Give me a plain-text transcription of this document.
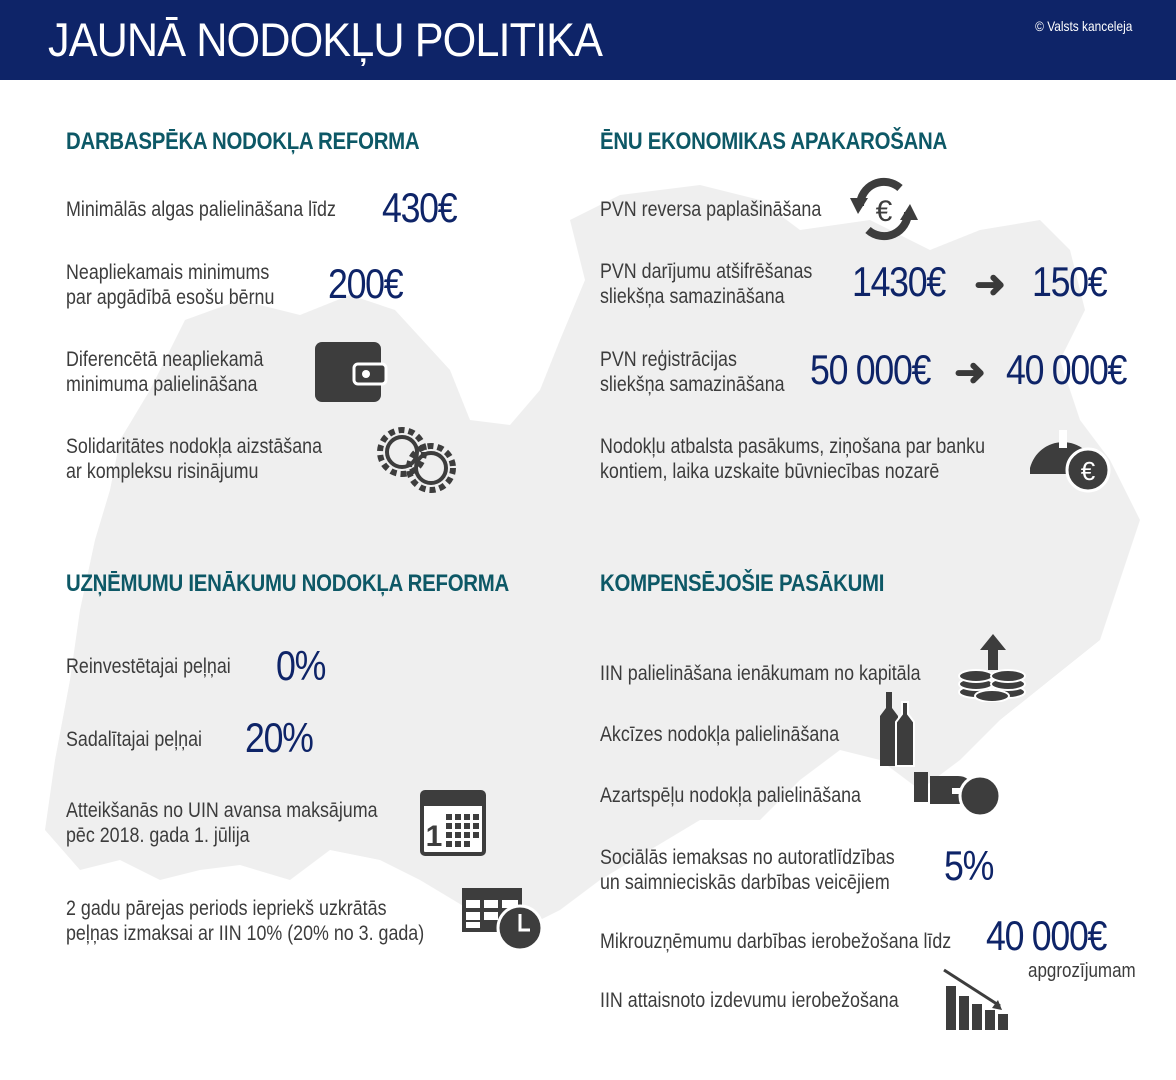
JAUNĀ NODOKĻU POLITIKA	© Valsts kanceleja
DARBASPĒKA NODOKĻA REFORMA
Minimālās algas palielināšana līdz 430€
Neapliekamais minimums
par apgādībā esošu bērnu 200€
Diferencētā neapliekamā
minimuma palielināšana
Solidaritātes nodokļa aizstāšana
ar kompleksu risinājumu
ĒNU EKONOMIKAS APAKAROŠANA
PVN reversa paplašināšana €
PVN darījumu atšifrēšanas
sliekšņa samazināšana 1430€ ➜ 150€
PVN reģistrācijas
sliekšņa samazināšana 50 000€ ➜ 40 000€
Nodokļu atbalsta pasākums, ziņošana par banku
kontiem, laika uzskaite būvniecības nozarē	€
UZŅĒMUMU IENĀKUMU NODOKĻA REFORMA
Reinvestētajai peļņai 0%
Sadalītajai peļņai 20%
Atteikšanās no UIN avansa maksājuma
pēc 2018. gada 1. jūlija	1
2 gadu pārejas periods iepriekš uzkrātās
peļņas izmaksai ar IIN 10% (20% no 3. gada)
KOMPENSĒJOŠIE PASĀKUMI
IIN palielināšana ienākumam no kapitāla
Akcīzes nodokļa palielināšana
Azartspēļu nodokļa palielināšana
Sociālās iemaksas no autoratlīdzības
un saimnieciskās darbības veicējiem 5%
Mikrouzņēmumu darbības ierobežošana līdz 40 000€
apgrozījumam
IIN attaisnoto izdevumu ierobežošana
